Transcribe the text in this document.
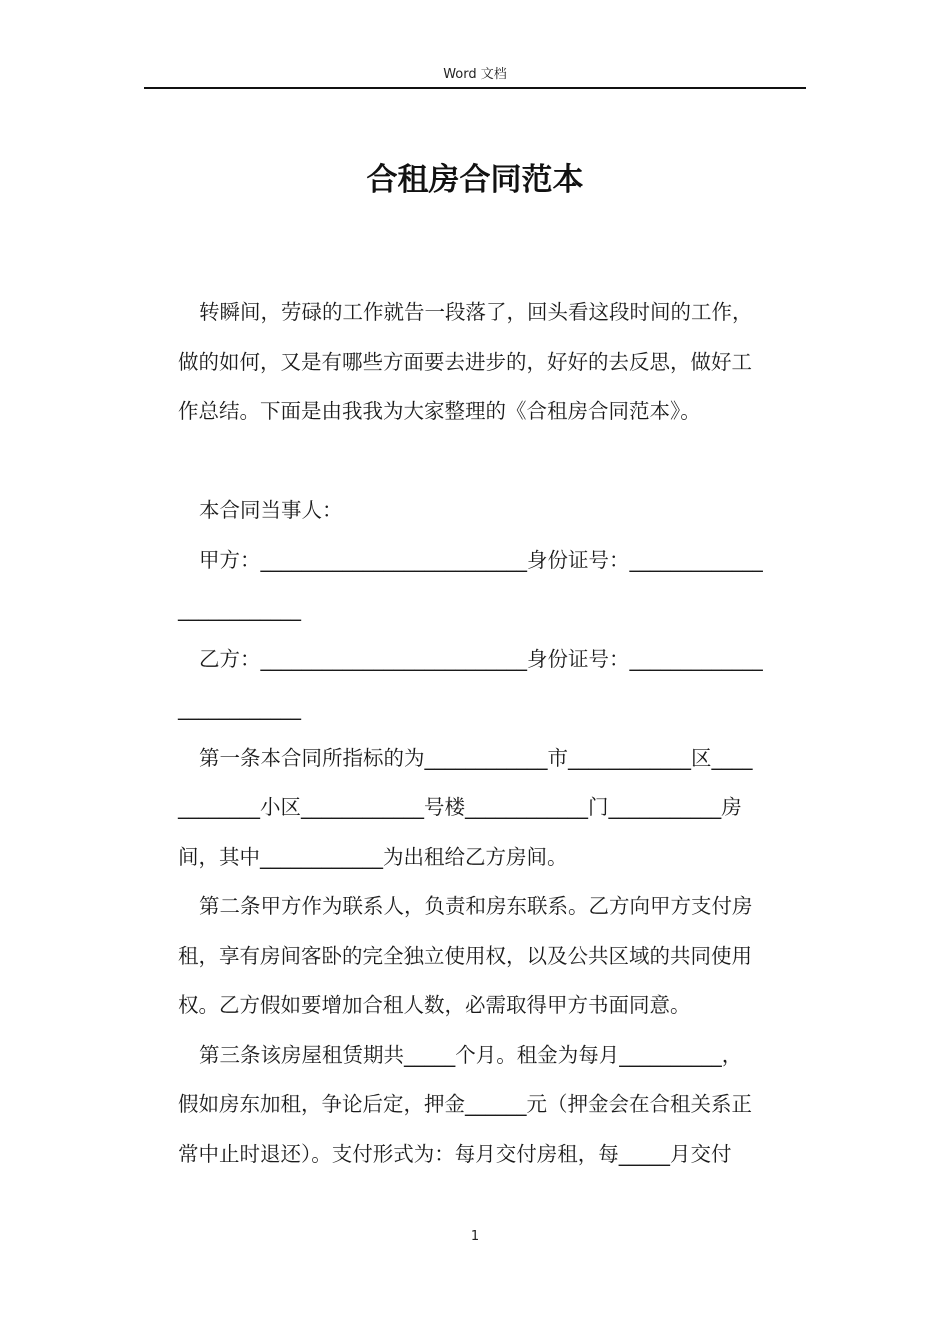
Word 文档
合租房合同范本
转瞬间，劳碌的工作就告一段落了，回头看这段时间的工作，
做的如何，又是有哪些方面要去进步的，好好的去反思，做好工
作总结。下面是由我我为大家整理的《合租房合同范本》。
本合同当事人：
甲方：__________________________身份证号：_____________
____________
乙方：__________________________身份证号：_____________
____________
第一条本合同所指标的为____________市____________区____
________小区____________号楼____________门___________房
间，其中____________为出租给乙方房间。
第二条甲方作为联系人，负责和房东联系。乙方向甲方支付房
租，享有房间客卧的完全独立使用权，以及公共区域的共同使用
权。乙方假如要增加合租人数，必需取得甲方书面同意。
第三条该房屋租赁期共_____个月。租金为每月__________，
假如房东加租，争论后定，押金______元（押金会在合租关系正
常中止时退还）。支付形式为：每月交付房租，每_____月交付
1
